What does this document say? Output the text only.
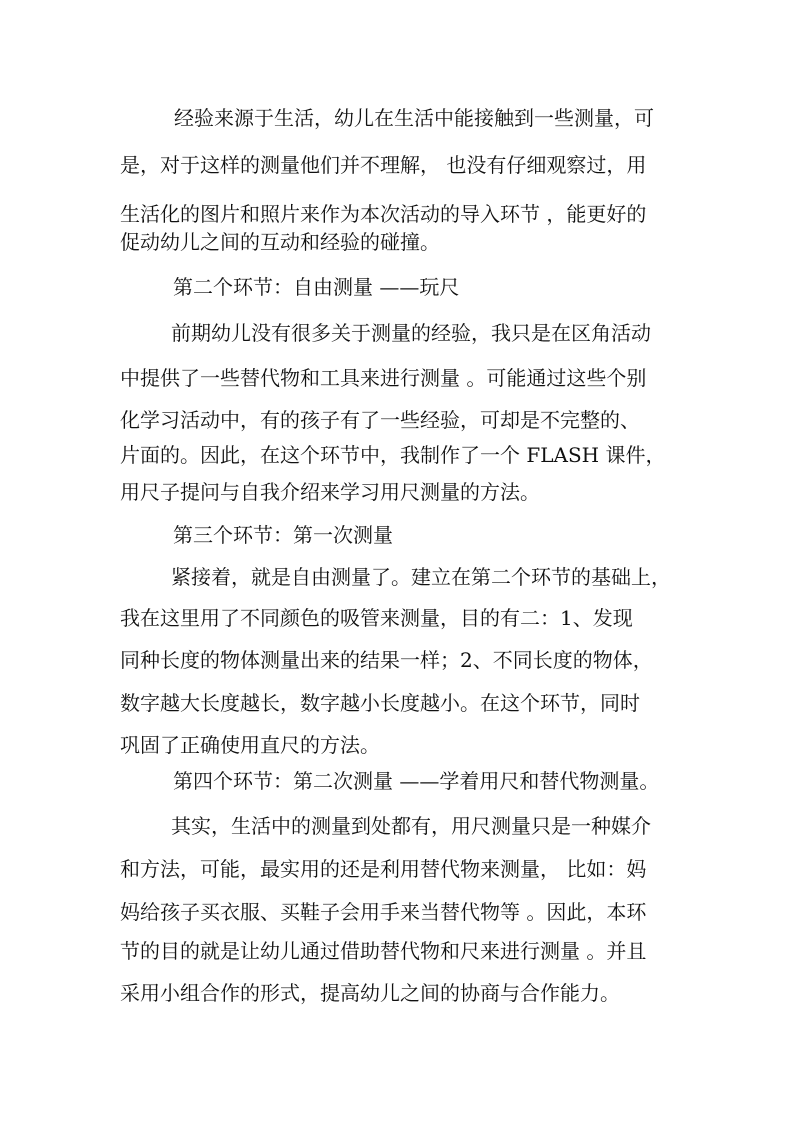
经验来源于生活，幼儿在生活中能接触到一些测量，可
是，对于这样的测量他们并不理解， 也没有仔细观察过，用
生活化的图片和照片来作为本次活动的导入环节 ，能更好的
促动幼儿之间的互动和经验的碰撞。
第二个环节：自由测量 ——玩尺
前期幼儿没有很多关于测量的经验，我只是在区角活动
中提供了一些替代物和工具来进行测量 。可能通过这些个别
化学习活动中，有的孩子有了一些经验，可却是不完整的、
片面的。因此，在这个环节中，我制作了一个 FLASH 课件，
用尺子提问与自我介绍来学习用尺测量的方法。
第三个环节：第一次测量
紧接着，就是自由测量了。建立在第二个环节的基础上，
我在这里用了不同颜色的吸管来测量，目的有二：1、发现
同种长度的物体测量出来的结果一样；2、不同长度的物体，
数字越大长度越长，数字越小长度越小。在这个环节，同时
巩固了正确使用直尺的方法。
第四个环节：第二次测量 ——学着用尺和替代物测量。
其实，生活中的测量到处都有，用尺测量只是一种媒介
和方法，可能，最实用的还是利用替代物来测量， 比如：妈
妈给孩子买衣服、买鞋子会用手来当替代物等 。因此，本环
节的目的就是让幼儿通过借助替代物和尺来进行测量 。并且
采用小组合作的形式，提高幼儿之间的协商与合作能力。
